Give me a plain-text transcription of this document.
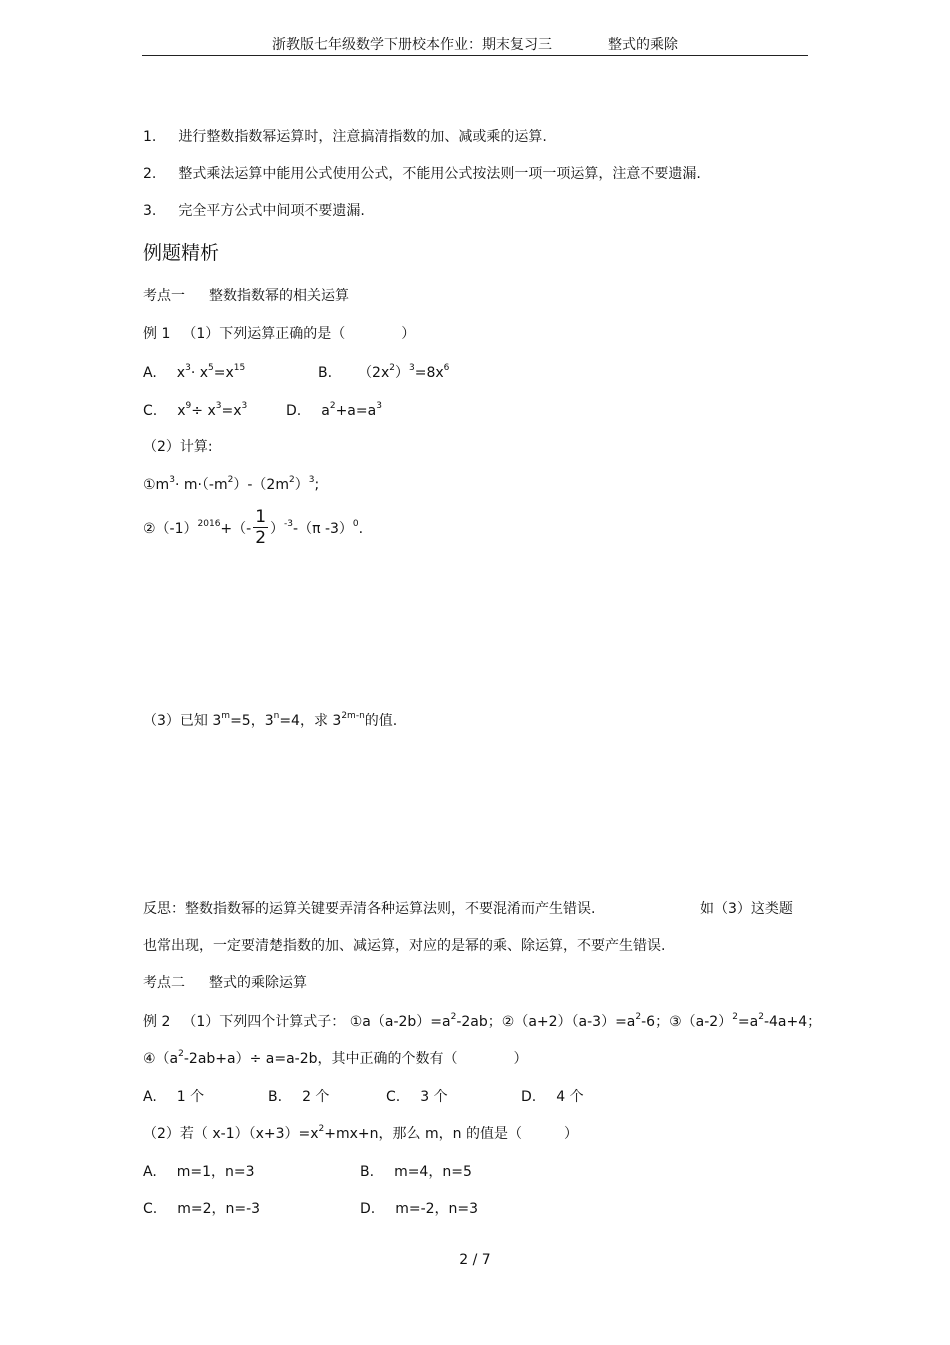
浙教版七年级数学下册校本作业：期末复习三	整式的乘除
1. 进行整数指数幂运算时，注意搞清指数的加、减或乘的运算.
2. 整式乘法运算中能用公式使用公式，不能用公式按法则一项一项运算，注意不要遗漏.
3. 完全平方公式中间项不要遗漏.
例题精析
考点一 整数指数幂的相关运算
例 1 （1）下列运算正确的是（　　　　）
A. $x^3\cdot x^5=x^{15}$	B. $(2x^2)^3=8x^6$
C. $x^9\div x^3=x^3$	D. $a^2+a=a^3$
（2）计算:
$①m^3\cdot m\cdot(-m^2)-(2m^2)^3$;
$②(-1)^{2016}+(- \frac{1}{2} )^{-3}-(\pi$ -3）$^0$.
（3）已知 $3^m=5$，$3^n=4$，求 $3^{2m-n}$的值.
反思：整数指数幂的运算关键要弄清各种运算法则，不要混淆而产生错误.	如（3）这类题
也常出现，一定要清楚指数的加、减运算，对应的是幂的乘、除运算，不要产生错误.
考点二 整式的乘除运算
例 2 （1）下列四个计算式子： $①a(a-2b)=a^2-2ab$；$②(a+2)(a-3)=a^2-6$；$③(a-2)^2=a^2-4a+4$；
$④(a^2-2ab+a)\div a=a-2b$，其中正确的个数有（　　　　）
A. 1 个	B. 2 个	C. 3 个	D. 4 个
（2）若（ $x-1)(x+3)=x^2+mx+n$，那么 m，n 的值是（　　　）
A. m=1，n=3	B. m=4，n=5
C. m=2，n=-3	D. m=-2，n=3
2 / 7
